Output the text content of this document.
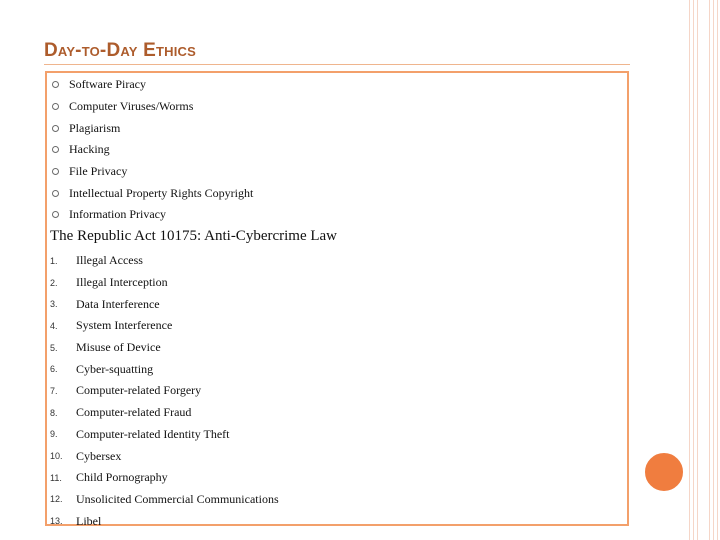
Day-to-Day Ethics
Software Piracy
Computer Viruses/Worms
Plagiarism
Hacking
File Privacy
Intellectual Property Rights Copyright
Information Privacy
The Republic Act 10175: Anti-Cybercrime Law
1.	Illegal Access
2.	Illegal Interception
3.	Data Interference
4.	System Interference
5.	Misuse of Device
6.	Cyber-squatting
7.	Computer-related Forgery
8.	Computer-related Fraud
9.	Computer-related Identity Theft
10.	Cybersex
11.	Child Pornography
12.	Unsolicited Commercial Communications
13.	Libel
